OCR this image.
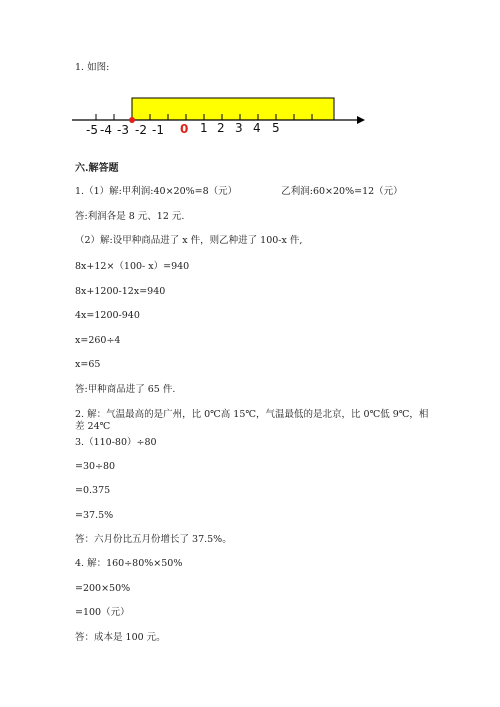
1. 如图:
-5 -4 -3 -2 -1 0 1 2 3 4 5
六.解答题
1.（1）解:甲利润:40×20%=8（元）	乙利润:60×20%=12（元）
答:利润各是 8 元、12 元.
（2）解:设甲种商品进了 x 件，则乙种进了 100-x 件,
8x+12×（100- x）=940
8x+1200-12x=940
4x=1200-940
x=260÷4
x=65
答:甲种商品进了 65 件.
2. 解：气温最高的是广州，比 0℃高 15℃，气温最低的是北京，比 0℃低 9℃，相差 24℃
3.（110-80）÷80
=30÷80
=0.375
=37.5%
答：六月份比五月份增长了 37.5%。
4. 解：160÷80%×50%
=200×50%
=100（元）
答：成本是 100 元。
